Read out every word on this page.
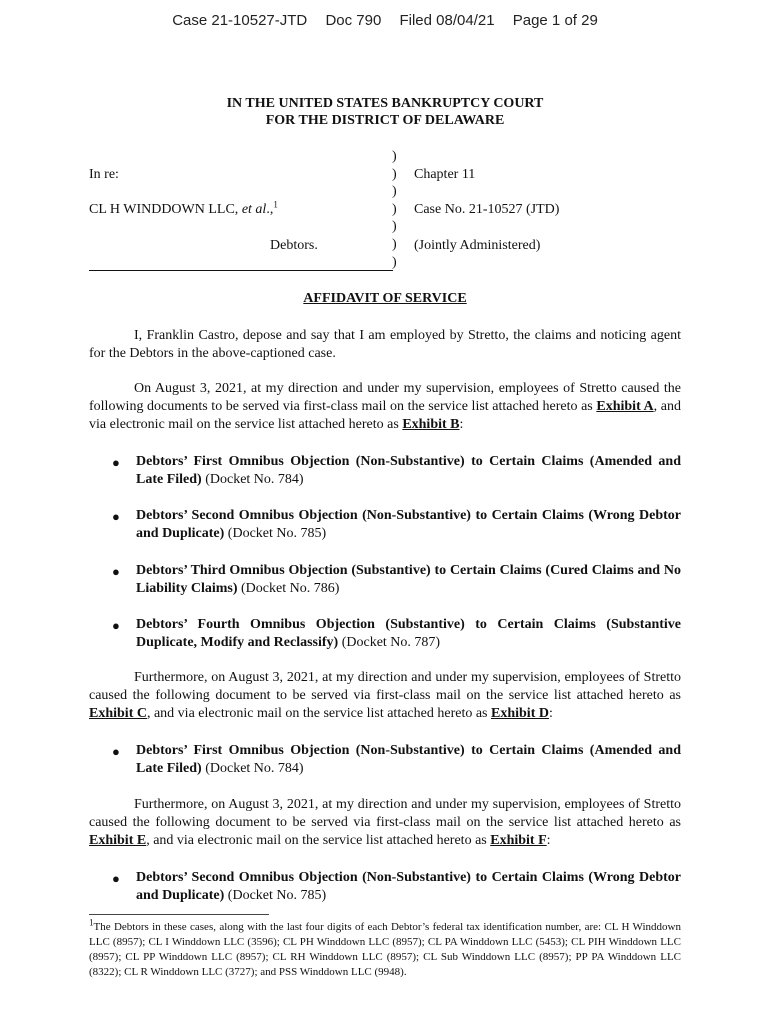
Case 21-10527-JTD Doc 790 Filed 08/04/21 Page 1 of 29
IN THE UNITED STATES BANKRUPTCY COURT
FOR THE DISTRICT OF DELAWARE
In re:
CL H WINDDOWN LLC, et al.,$^1$
Debtors.
)
)
)
)
)
)
)
Chapter 11
Case No. 21-10527 (JTD)
(Jointly Administered)
AFFIDAVIT OF SERVICE

I, Franklin Castro, depose and say that I am employed by Stretto, the claims and noticing agent for the Debtors in the above-captioned case.

On August 3, 2021, at my direction and under my supervision, employees of Stretto caused the following documents to be served via first-class mail on the service list attached hereto as Exhibit A, and via electronic mail on the service list attached hereto as Exhibit B:

● Debtors’ First Omnibus Objection (Non-Substantive) to Certain Claims (Amended and Late Filed) (Docket No. 784)

● Debtors’ Second Omnibus Objection (Non-Substantive) to Certain Claims (Wrong Debtor and Duplicate) (Docket No. 785)

● Debtors’ Third Omnibus Objection (Substantive) to Certain Claims (Cured Claims and No Liability Claims) (Docket No. 786)

● Debtors’ Fourth Omnibus Objection (Substantive) to Certain Claims (Substantive Duplicate, Modify and Reclassify) (Docket No. 787)

Furthermore, on August 3, 2021, at my direction and under my supervision, employees of Stretto caused the following document to be served via first-class mail on the service list attached hereto as Exhibit C, and via electronic mail on the service list attached hereto as Exhibit D:

● Debtors’ First Omnibus Objection (Non-Substantive) to Certain Claims (Amended and Late Filed) (Docket No. 784)

Furthermore, on August 3, 2021, at my direction and under my supervision, employees of Stretto caused the following document to be served via first-class mail on the service list attached hereto as Exhibit E, and via electronic mail on the service list attached hereto as Exhibit F:

● Debtors’ Second Omnibus Objection (Non-Substantive) to Certain Claims (Wrong Debtor and Duplicate) (Docket No. 785)

$^1$The Debtors in these cases, along with the last four digits of each Debtor’s federal tax identification number, are: CL H Winddown LLC (8957); CL I Winddown LLC (3596); CL PH Winddown LLC (8957); CL PA Winddown LLC (5453); CL PIH Winddown LLC (8957); CL PP Winddown LLC (8957); CL RH Winddown LLC (8957); CL Sub Winddown LLC (8957); PP PA Winddown LLC (8322); CL R Winddown LLC (3727); and PSS Winddown LLC (9948).
